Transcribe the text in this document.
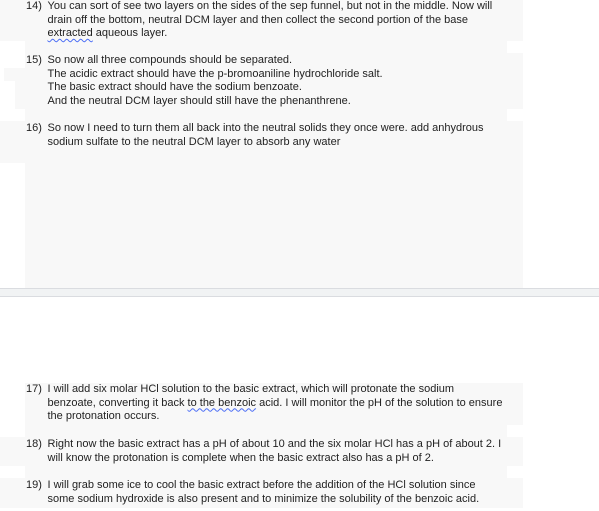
14) You can sort of see two layers on the sides of the sep funnel, but not in the middle. Now will
drain off the bottom, neutral DCM layer and then collect the second portion of the base
extracted aqueous layer.
15) So now all three compounds should be separated.
The acidic extract should have the p-bromoaniline hydrochloride salt.
The basic extract should have the sodium benzoate.
And the neutral DCM layer should still have the phenanthrene.
16) So now I need to turn them all back into the neutral solids they once were. add anhydrous
sodium sulfate to the neutral DCM layer to absorb any water
17) I will add six molar HCl solution to the basic extract, which will protonate the sodium
benzoate, converting it back to the benzoic acid. I will monitor the pH of the solution to ensure
the protonation occurs.
18) Right now the basic extract has a pH of about 10 and the six molar HCl has a pH of about 2. I
will know the protonation is complete when the basic extract also has a pH of 2.
19) I will grab some ice to cool the basic extract before the addition of the HCl solution since
some sodium hydroxide is also present and to minimize the solubility of the benzoic acid.
